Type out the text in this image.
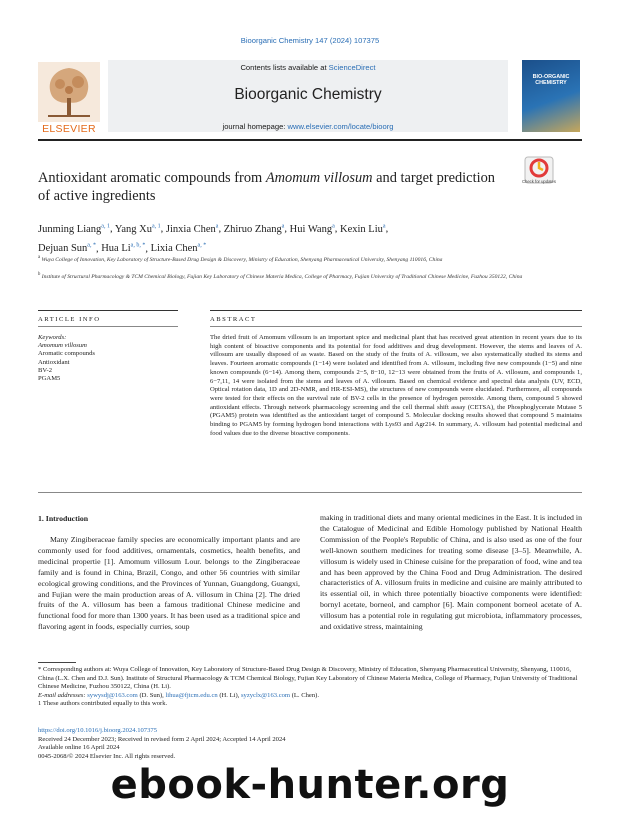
Bioorganic Chemistry 147 (2024) 107375
Contents lists available at ScienceDirect
Bioorganic Chemistry
journal homepage: www.elsevier.com/locate/bioorg
ELSEVIER
BIO-ORGANIC CHEMISTRY
Check for updates
Antioxidant aromatic compounds from Amomum villosum and target prediction of active ingredients
Junming Liang$^{a, 1}$, Yang Xu$^{a, 1}$, Jinxia Chen$^a$, Zhiruo Zhang$^a$, Hui Wang$^a$, Kexin Liu$^a$,
Dejuan Sun$^{a, *}$, Hua $Li^{a, b, *}$, Lixia Chen$^{a, *}$
$^a$ Wuya College of Innovation, Key Laboratory of Structure-Based Drug Design & Discovery, Ministry of Education, Shenyang Pharmaceutical University, Shenyang 110016, China
$^b$ Institute of Structural Pharmacology & TCM Chemical Biology, Fujian Key Laboratory of Chinese Materia Medica, College of Pharmacy, Fujian University of Traditional Chinese Medicine, Fuzhou 350122, China
ARTICLE INFO	ABSTRACT
Keywords:
Amomum villosum
Aromatic compounds
Antioxidant
BV-2
PGAM5
The dried fruit of Amomum villosum is an important spice and medicinal plant that has received great attention in recent years due to its high content of bioactive components and its potential for food additives and drug development. However, the stems and leaves of A. villosum are usually disposed of as waste. Based on the study of the fruits of A. villosum, we also systematically studied its stems and leaves. Fourteen aromatic compounds (1−14) were isolated and identified from A. villosum, including five new compounds (1−5) and nine known compounds (6−14). Among them, compounds 2−5, 8−10, 12−13 were obtained from the fruits of A. villosum, and compounds 1, 6−7,11, 14 were isolated from the stems and leaves of A. villosum. Based on chemical evidence and spectral data analysis (UV, ECD, Optical rotation data, 1D and 2D-NMR, and HR-ESI-MS), the structures of new compounds were elucidated. Furthermore, all compounds were tested for their effects on the survival rate of BV-2 cells in the presence of hydrogen peroxide. Among them, compound 5 showed antioxidant effects. Through network pharmacology screening and the cell thermal shift assay (CETSA), the Phosphoglycerate Mutase 5 (PGAM5) protein was identified as the antioxidant target of compound 5. Molecular docking results showed that compound 5 maintains binding to PGAM5 by forming hydrogen bond interactions with Lys93 and Agr214. In summary, A. villosum had potential medicinal and food values due to the diverse bioactive components.
1. Introduction

Many Zingiberaceae family species are economically important plants and are commonly used for food additives, ornamentals, cosmetics, health benefits, and medicinal propertie [1]. Amomum villosum Lour. belongs to the Zingiberaceae family and is found in China, Brazil, Congo, and other 56 countries with similar ecological growing conditions, and the Provinces of Yunnan, Guangdong, Guangxi, and Fujian were the main production areas of A. villosum in China [2]. The dried fruits of the A. villosum has been a famous traditional Chinese medicine and functional food for more than 1300 years. It has been used as a traditional spice and flavoring agent in foods, especially curries, soup

making in traditional diets and many oriental medicines in the East. It is included in the Catalogue of Medicinal and Edible Homology published by National Health Commission of the People's Republic of China, and is also used as one of the four well-known southern medicines for treating some disease [3–5]. Meanwhile, A. villosum is widely used in Chinese cuisine for the preparation of food, wine and tea and has been approved by the China Food and Drug Administration. The desired characteristics of A. villosum fruits in medicine and cuisine are mainly attributed to its essential oil, in which three potentially bioactive components were identified: bornyl acetate, borneol, and camphor [6]. Main component borneol acetate of A. villosum has a potential role in regulating gut microbiota, inflammatory processes, and oxidative stress, maintaining

* Corresponding authors at: Wuya College of Innovation, Key Laboratory of Structure-Based Drug Design & Discovery, Ministry of Education, Shenyang Pharmaceutical University, Shenyang, 110016, China (L.X. Chen and D.J. Sun). Institute of Structural Pharmacology & TCM Chemical Biology, Fujian Key Laboratory of Chinese Materia Medica, College of Pharmacy, Fujian University of Traditional Chinese Medicine, Fuzhou 350122, China (H. Li).

E-mail addresses: sywysdj@163.com (D. Sun), lihua@fjtcm.edu.cn (H. Li), syzyclx@163.com (L. Chen).

1 These authors contributed equally to this work.

https://doi.org/10.1016/j.bioorg.2024.107375

Received 24 December 2023; Received in revised form 2 April 2024; Accepted 14 April 2024

Available online 16 April 2024

0045-2068/© 2024 Elsevier Inc. All rights reserved.

ebook-hunter.org
